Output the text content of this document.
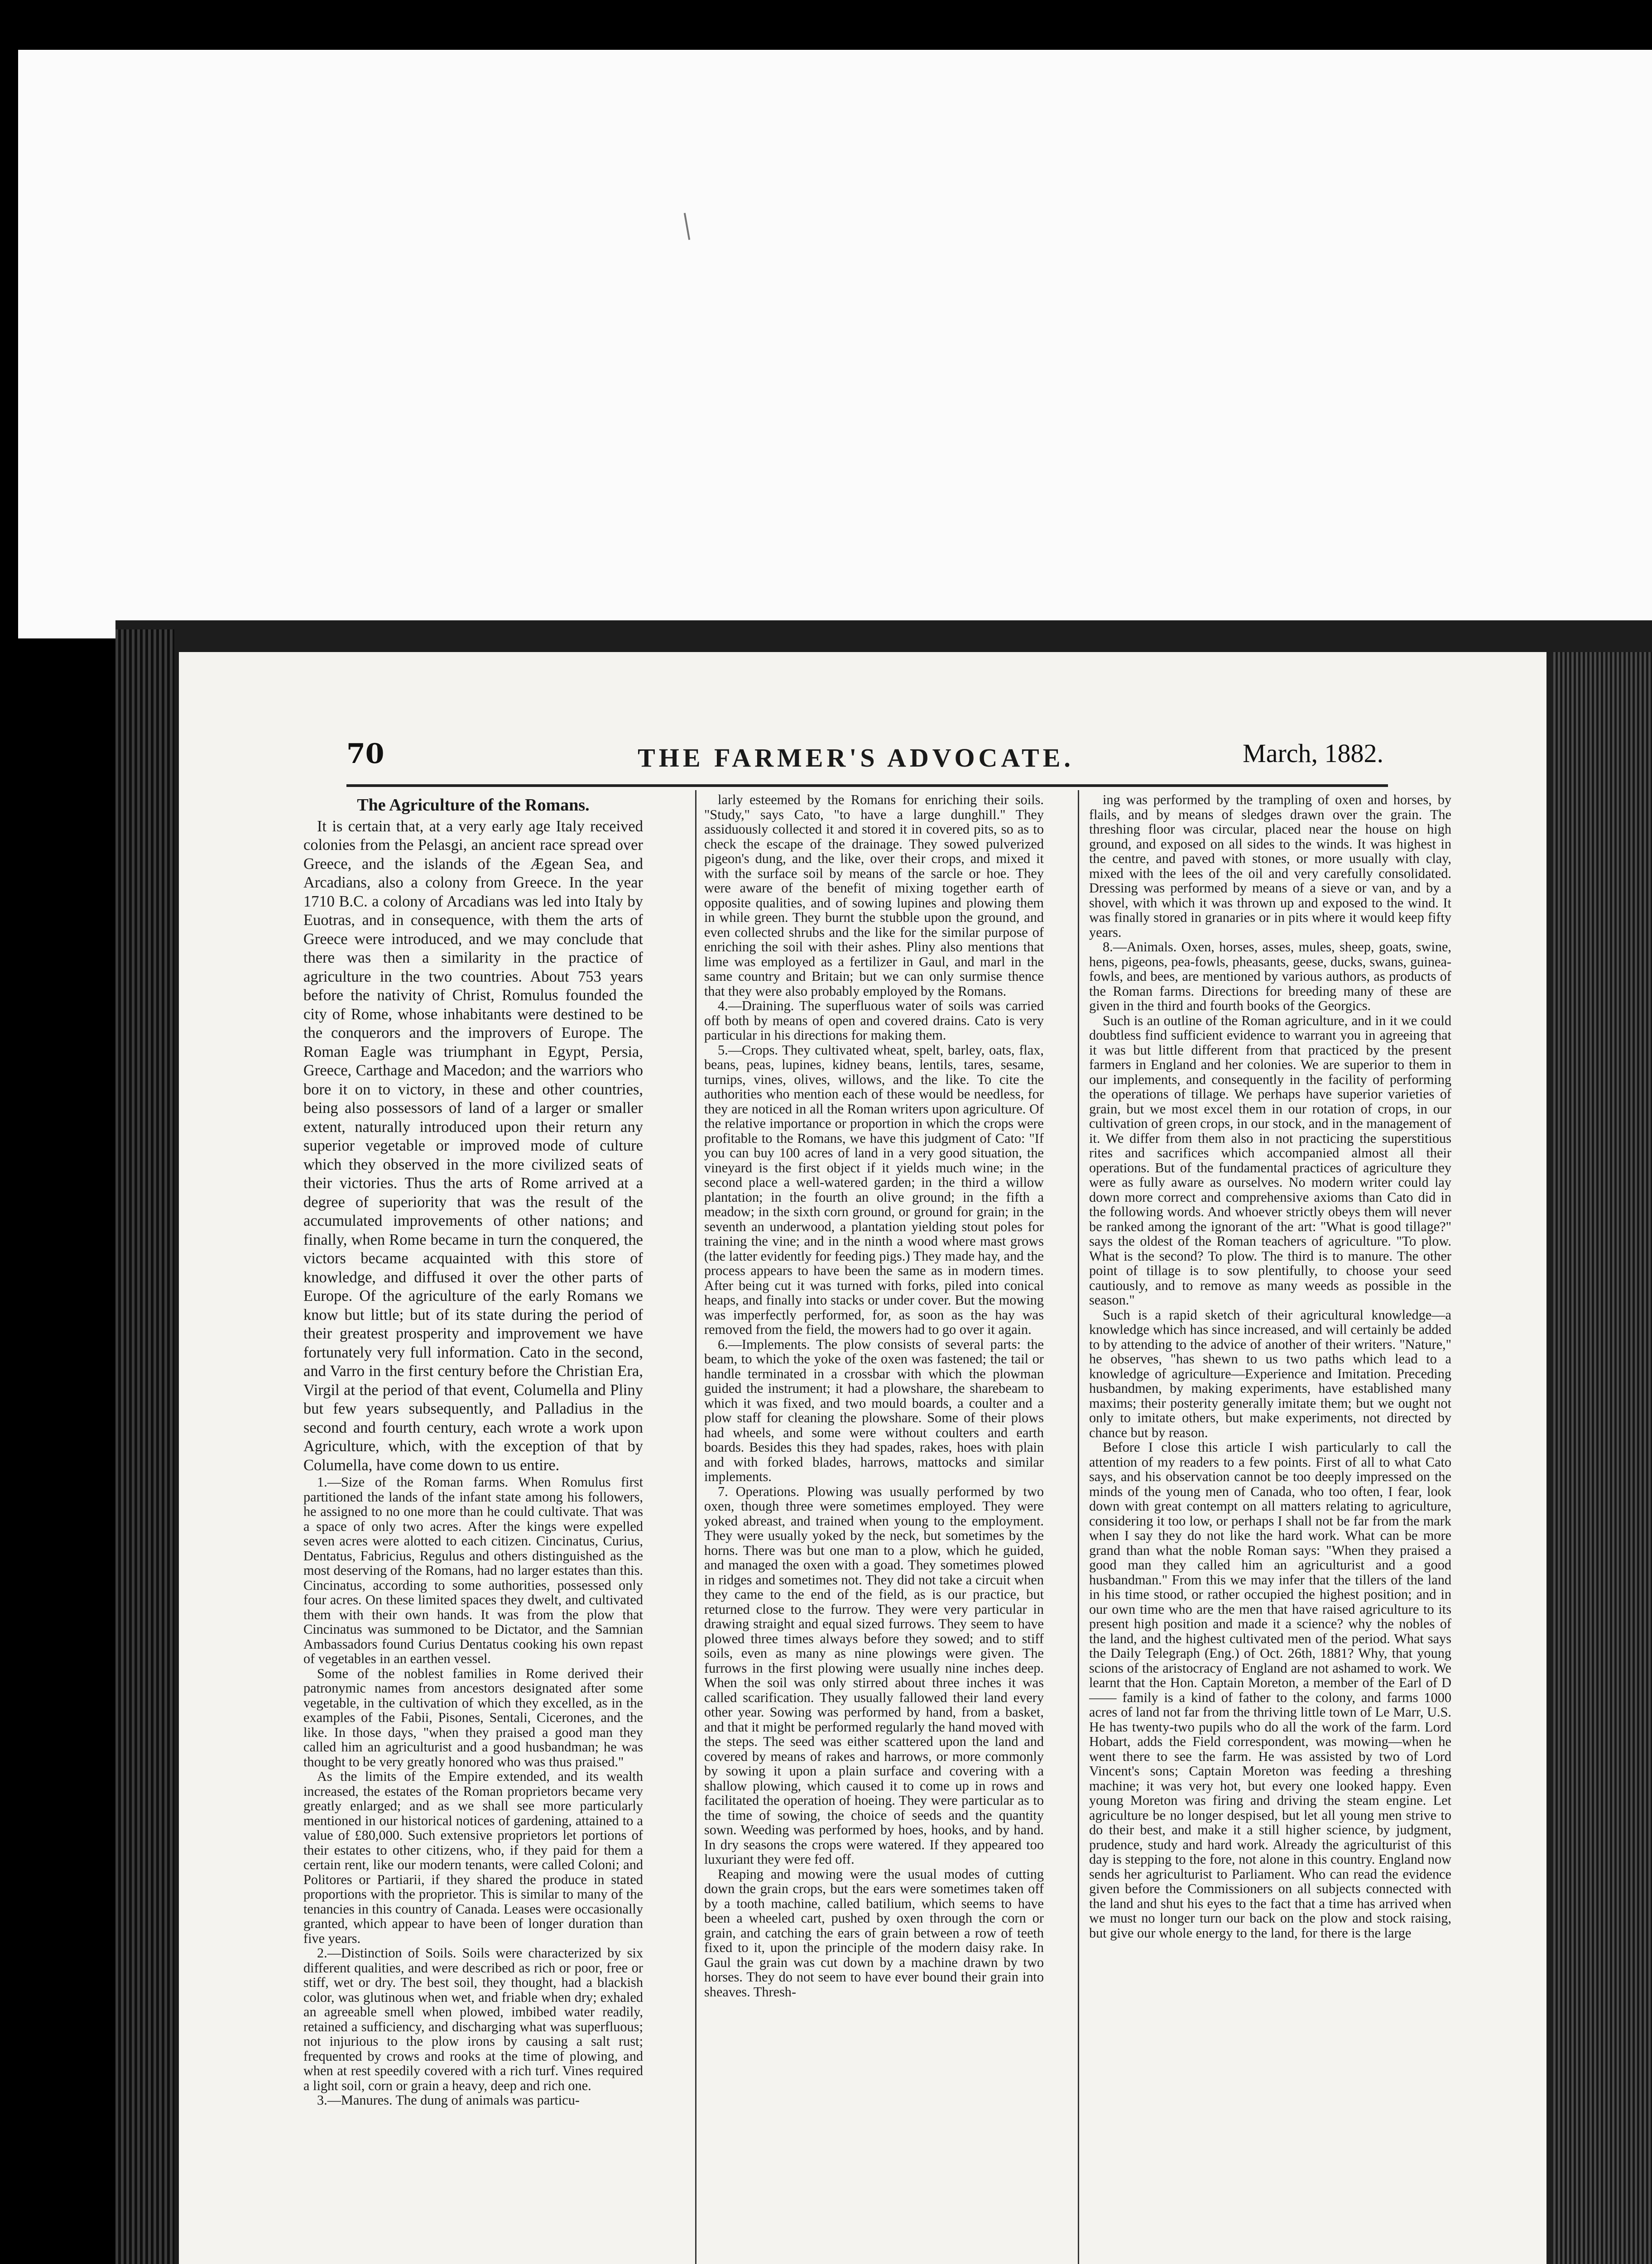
70	THE FARMER'S ADVOCATE.	March, 1882.
The Agriculture of the Romans.

It is certain that, at a very early age Italy received colonies from the Pelasgi, an ancient race spread over Greece, and the islands of the Ægean Sea, and Arcadians, also a colony from Greece. In the year 1710 B.C. a colony of Arcadians was led into Italy by Euotras, and in consequence, with them the arts of Greece were introduced, and we may conclude that there was then a similarity in the practice of agriculture in the two countries. About 753 years before the nativity of Christ, Romulus founded the city of Rome, whose inhabitants were destined to be the conquerors and the improvers of Europe. The Roman Eagle was triumphant in Egypt, Persia, Greece, Carthage and Macedon; and the warriors who bore it on to victory, in these and other countries, being also possessors of land of a larger or smaller extent, naturally introduced upon their return any superior vegetable or improved mode of culture which they observed in the more civilized seats of their victories. Thus the arts of Rome arrived at a degree of superiority that was the result of the accumulated improvements of other nations; and finally, when Rome became in turn the conquered, the victors became acquainted with this store of knowledge, and diffused it over the other parts of Europe. Of the agriculture of the early Romans we know but little; but of its state during the period of their greatest prosperity and improvement we have fortunately very full information. Cato in the second, and Varro in the first century before the Christian Era, Virgil at the period of that event, Columella and Pliny but few years subsequently, and Palladius in the second and fourth century, each wrote a work upon Agriculture, which, with the exception of that by Columella, have come down to us entire.

1.—Size of the Roman farms. When Romulus first partitioned the lands of the infant state among his followers, he assigned to no one more than he could cultivate. That was a space of only two acres. After the kings were expelled seven acres were alotted to each citizen. Cincinatus, Curius, Dentatus, Fabricius, Regulus and others distinguished as the most deserving of the Romans, had no larger estates than this. Cincinatus, according to some authorities, possessed only four acres. On these limited spaces they dwelt, and cultivated them with their own hands. It was from the plow that Cincinatus was summoned to be Dictator, and the Samnian Ambassadors found Curius Dentatus cooking his own repast of vegetables in an earthen vessel.

Some of the noblest families in Rome derived their patronymic names from ancestors designated after some vegetable, in the cultivation of which they excelled, as in the examples of the Fabii, Pisones, Sentali, Cicerones, and the like. In those days, "when they praised a good man they called him an agriculturist and a good husbandman; he was thought to be very greatly honored who was thus praised."

As the limits of the Empire extended, and its wealth increased, the estates of the Roman proprietors became very greatly enlarged; and as we shall see more particularly mentioned in our historical notices of gardening, attained to a value of £80,000. Such extensive proprietors let portions of their estates to other citizens, who, if they paid for them a certain rent, like our modern tenants, were called Coloni; and Politores or Partiarii, if they shared the produce in stated proportions with the proprietor. This is similar to many of the tenancies in this country of Canada. Leases were occasionally granted, which appear to have been of longer duration than five years.

2.—Distinction of Soils. Soils were characterized by six different qualities, and were described as rich or poor, free or stiff, wet or dry. The best soil, they thought, had a blackish color, was glutinous when wet, and friable when dry; exhaled an agreeable smell when plowed, imbibed water readily, retained a sufficiency, and discharging what was superfluous; not injurious to the plow irons by causing a salt rust; frequented by crows and rooks at the time of plowing, and when at rest speedily covered with a rich turf. Vines required a light soil, corn or grain a heavy, deep and rich one.

3.—Manures. The dung of animals was particu-

larly esteemed by the Romans for enriching their soils. "Study," says Cato, "to have a large dunghill." They assiduously collected it and stored it in covered pits, so as to check the escape of the drainage. They sowed pulverized pigeon's dung, and the like, over their crops, and mixed it with the surface soil by means of the sarcle or hoe. They were aware of the benefit of mixing together earth of opposite qualities, and of sowing lupines and plowing them in while green. They burnt the stubble upon the ground, and even collected shrubs and the like for the similar purpose of enriching the soil with their ashes. Pliny also mentions that lime was employed as a fertilizer in Gaul, and marl in the same country and Britain; but we can only surmise thence that they were also probably employed by the Romans.

4.—Draining. The superfluous water of soils was carried off both by means of open and covered drains. Cato is very particular in his directions for making them.

5.—Crops. They cultivated wheat, spelt, barley, oats, flax, beans, peas, lupines, kidney beans, lentils, tares, sesame, turnips, vines, olives, willows, and the like. To cite the authorities who mention each of these would be needless, for they are noticed in all the Roman writers upon agriculture. Of the relative importance or proportion in which the crops were profitable to the Romans, we have this judgment of Cato: "If you can buy 100 acres of land in a very good situation, the vineyard is the first object if it yields much wine; in the second place a well-watered garden; in the third a willow plantation; in the fourth an olive ground; in the fifth a meadow; in the sixth corn ground, or ground for grain; in the seventh an underwood, a plantation yielding stout poles for training the vine; and in the ninth a wood where mast grows (the latter evidently for feeding pigs.) They made hay, and the process appears to have been the same as in modern times. After being cut it was turned with forks, piled into conical heaps, and finally into stacks or under cover. But the mowing was imperfectly performed, for, as soon as the hay was removed from the field, the mowers had to go over it again.

6.—Implements. The plow consists of several parts: the beam, to which the yoke of the oxen was fastened; the tail or handle terminated in a crossbar with which the plowman guided the instrument; it had a plowshare, the sharebeam to which it was fixed, and two mould boards, a coulter and a plow staff for cleaning the plowshare. Some of their plows had wheels, and some were without coulters and earth boards. Besides this they had spades, rakes, hoes with plain and with forked blades, harrows, mattocks and similar implements.

7. Operations. Plowing was usually performed by two oxen, though three were sometimes employed. They were yoked abreast, and trained when young to the employment. They were usually yoked by the neck, but sometimes by the horns. There was but one man to a plow, which he guided, and managed the oxen with a goad. They sometimes plowed in ridges and sometimes not. They did not take a circuit when they came to the end of the field, as is our practice, but returned close to the furrow. They were very particular in drawing straight and equal sized furrows. They seem to have plowed three times always before they sowed; and to stiff soils, even as many as nine plowings were given. The furrows in the first plowing were usually nine inches deep. When the soil was only stirred about three inches it was called scarification. They usually fallowed their land every other year. Sowing was performed by hand, from a basket, and that it might be performed regularly the hand moved with the steps. The seed was either scattered upon the land and covered by means of rakes and harrows, or more commonly by sowing it upon a plain surface and covering with a shallow plowing, which caused it to come up in rows and facilitated the operation of hoeing. They were particular as to the time of sowing, the choice of seeds and the quantity sown. Weeding was performed by hoes, hooks, and by hand. In dry seasons the crops were watered. If they appeared too luxuriant they were fed off.

Reaping and mowing were the usual modes of cutting down the grain crops, but the ears were sometimes taken off by a tooth machine, called batilium, which seems to have been a wheeled cart, pushed by oxen through the corn or grain, and catching the ears of grain between a row of teeth fixed to it, upon the principle of the modern daisy rake. In Gaul the grain was cut down by a machine drawn by two horses. They do not seem to have ever bound their grain into sheaves. Thresh-

ing was performed by the trampling of oxen and horses, by flails, and by means of sledges drawn over the grain. The threshing floor was circular, placed near the house on high ground, and exposed on all sides to the winds. It was highest in the centre, and paved with stones, or more usually with clay, mixed with the lees of the oil and very carefully consolidated. Dressing was performed by means of a sieve or van, and by a shovel, with which it was thrown up and exposed to the wind. It was finally stored in granaries or in pits where it would keep fifty years.

8.—Animals. Oxen, horses, asses, mules, sheep, goats, swine, hens, pigeons, pea-fowls, pheasants, geese, ducks, swans, guinea-fowls, and bees, are mentioned by various authors, as products of the Roman farms. Directions for breeding many of these are given in the third and fourth books of the Georgics.

Such is an outline of the Roman agriculture, and in it we could doubtless find sufficient evidence to warrant you in agreeing that it was but little different from that practiced by the present farmers in England and her colonies. We are superior to them in our implements, and consequently in the facility of performing the operations of tillage. We perhaps have superior varieties of grain, but we most excel them in our rotation of crops, in our cultivation of green crops, in our stock, and in the management of it. We differ from them also in not practicing the superstitious rites and sacrifices which accompanied almost all their operations. But of the fundamental practices of agriculture they were as fully aware as ourselves. No modern writer could lay down more correct and comprehensive axioms than Cato did in the following words. And whoever strictly obeys them will never be ranked among the ignorant of the art: "What is good tillage?" says the oldest of the Roman teachers of agriculture. "To plow. What is the second? To plow. The third is to manure. The other point of tillage is to sow plentifully, to choose your seed cautiously, and to remove as many weeds as possible in the season."

Such is a rapid sketch of their agricultural knowledge—a knowledge which has since increased, and will certainly be added to by attending to the advice of another of their writers. "Nature," he observes, "has shewn to us two paths which lead to a knowledge of agriculture—Experience and Imitation. Preceding husbandmen, by making experiments, have established many maxims; their posterity generally imitate them; but we ought not only to imitate others, but make experiments, not directed by chance but by reason.

Before I close this article I wish particularly to call the attention of my readers to a few points. First of all to what Cato says, and his observation cannot be too deeply impressed on the minds of the young men of Canada, who too often, I fear, look down with great contempt on all matters relating to agriculture, considering it too low, or perhaps I shall not be far from the mark when I say they do not like the hard work. What can be more grand than what the noble Roman says: "When they praised a good man they called him an agriculturist and a good husbandman." From this we may infer that the tillers of the land in his time stood, or rather occupied the highest position; and in our own time who are the men that have raised agriculture to its present high position and made it a science? why the nobles of the land, and the highest cultivated men of the period. What says the Daily Telegraph (Eng.) of Oct. 26th, 1881? Why, that young scions of the aristocracy of England are not ashamed to work. We learnt that the Hon. Captain Moreton, a member of the Earl of D—— family is a kind of father to the colony, and farms 1000 acres of land not far from the thriving little town of Le Marr, U.S. He has twenty-two pupils who do all the work of the farm. Lord Hobart, adds the Field correspondent, was mowing—when he went there to see the farm. He was assisted by two of Lord Vincent's sons; Captain Moreton was feeding a threshing machine; it was very hot, but every one looked happy. Even young Moreton was firing and driving the steam engine. Let agriculture be no longer despised, but let all young men strive to do their best, and make it a still higher science, by judgment, prudence, study and hard work. Already the agriculturist of this day is stepping to the fore, not alone in this country. England now sends her agriculturist to Parliament. Who can read the evidence given before the Commissioners on all subjects connected with the land and shut his eyes to the fact that a time has arrived when we must no longer turn our back on the plow and stock raising, but give our whole energy to the land, for there is the large
